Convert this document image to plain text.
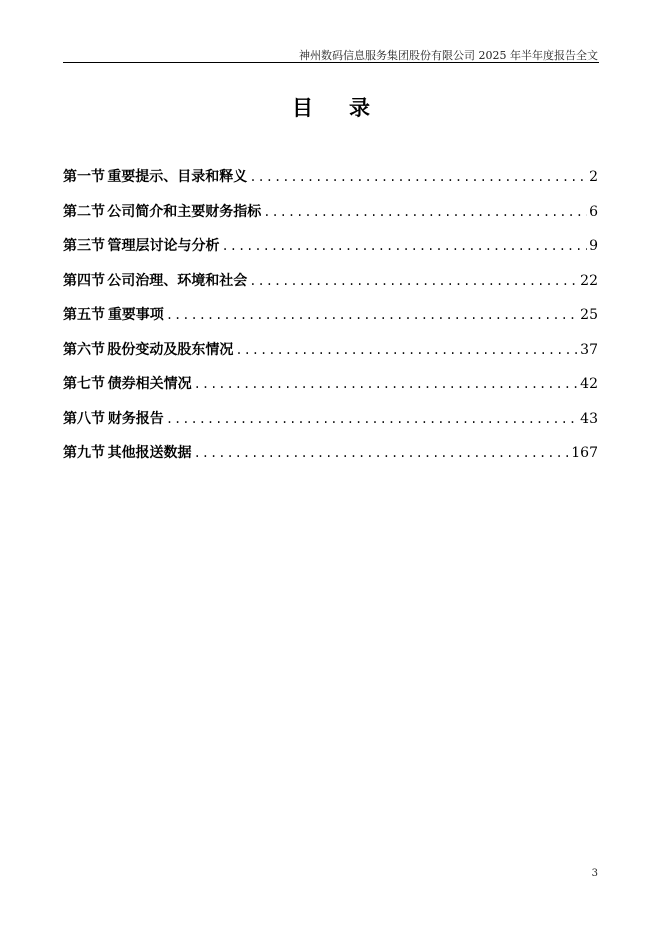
神州数码信息服务集团股份有限公司 2025 年半年度报告全文
目录
第一节 重要提示、目录和释义 .....	2
第二节 公司简介和主要财务指标 .....	6
第三节 管理层讨论与分析 .....	9
第四节 公司治理、环境和社会 .....	22
第五节 重要事项 .....	25
第六节 股份变动及股东情况 .....	37
第七节 债券相关情况 .....	42
第八节 财务报告 .....	43
第九节 其他报送数据 .....	167
3
